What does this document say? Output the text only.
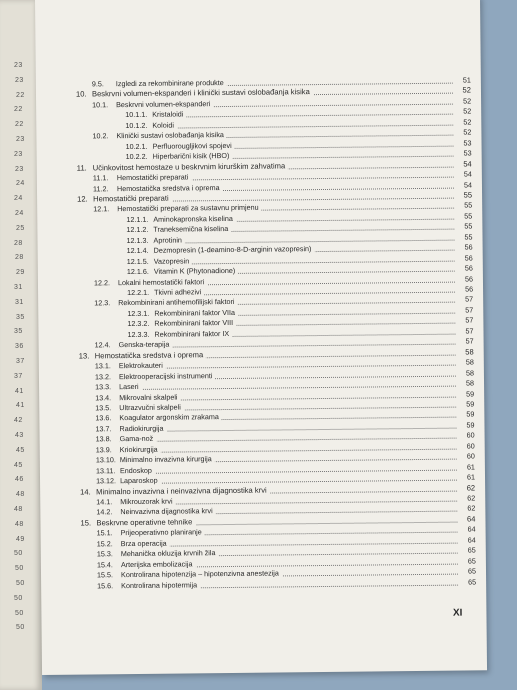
23
23
22
22
22
23
23
23
24
24
24
25
28
28
29
31
31
35
35
36
37
37
41
41
42
43
45
45
46
48
48
48
49
50
50
50
50
50
50
9.5. Izgledi za rekombinirane produkte	51
10. Beskrvni volumen-ekspanderi i klinički sustavi oslobađanja kisika	52
10.1. Beskrvni volumen-ekspanderi	52
10.1.1. Kristaloidi	52
10.1.2. Koloidi	52
10.2. Klinički sustavi oslobađanja kisika	52
10.2.1. Perfluorougljikovi spojevi	53
10.2.2. Hiperbarični kisik (HBO)	53
11. Učinkovitost hemostaze u beskrvnim kirurškim zahvatima	54
11.1. Hemostatički preparati	54
11.2. Hemostatička sredstva i oprema	54
12. Hemostatički preparati	55
12.1. Hemostatički preparati za sustavnu primjenu	55
12.1.1. Aminokapronska kiselina	55
12.1.2. Traneksemična kiselina	55
12.1.3. Aprotinin	55
12.1.4. Dezmopresin (1-deamino-8-D-arginin vazopresin)	56
12.1.5. Vazopresin	56
12.1.6. Vitamin K (Phytonadione)	56
12.2. Lokalni hemostatički faktori	56
12.2.1. Tkivni adhezivi	56
12.3. Rekombinirani antihemofilijski faktori	57
12.3.1. Rekombinirani faktor VIIa	57
12.3.2. Rekombinirani faktor VIII	57
12.3.3. Rekombinirani faktor IX	57
12.4. Genska-terapija	57
13. Hemostatička sredstva i oprema	58
13.1. Elektrokauteri	58
13.2. Elektrooperacijski instrumenti	58
13.3. Laseri	58
13.4. Mikrovalni skalpeli	59
13.5. Ultrazvučni skalpeli	59
13.6. Koagulator argonskim zrakama	59
13.7. Radiokirurgija	59
13.8. Gama-nož	60
13.9. Kriokirurgija	60
13.10. Minimalno invazivna kirurgija	60
13.11. Endoskop	61
13.12. Laparoskop	61
14. Minimalno invazivna i neinvazivna dijagnostika krvi	62
14.1. Mikrouzorak krvi	62
14.2. Neinvazivna dijagnostika krvi	62
15. Beskrvne operativne tehnike	64
15.1. Prijeoperativno planiranje	64
15.2. Brza operacija	64
15.3. Mehanička okluzija krvnih žila	65
15.4. Arterijska embolizacija	65
15.5. Kontrolirana hipotenzija – hipotenzivna anestezija	65
15.6. Kontrolirana hipotermija	65
XI
